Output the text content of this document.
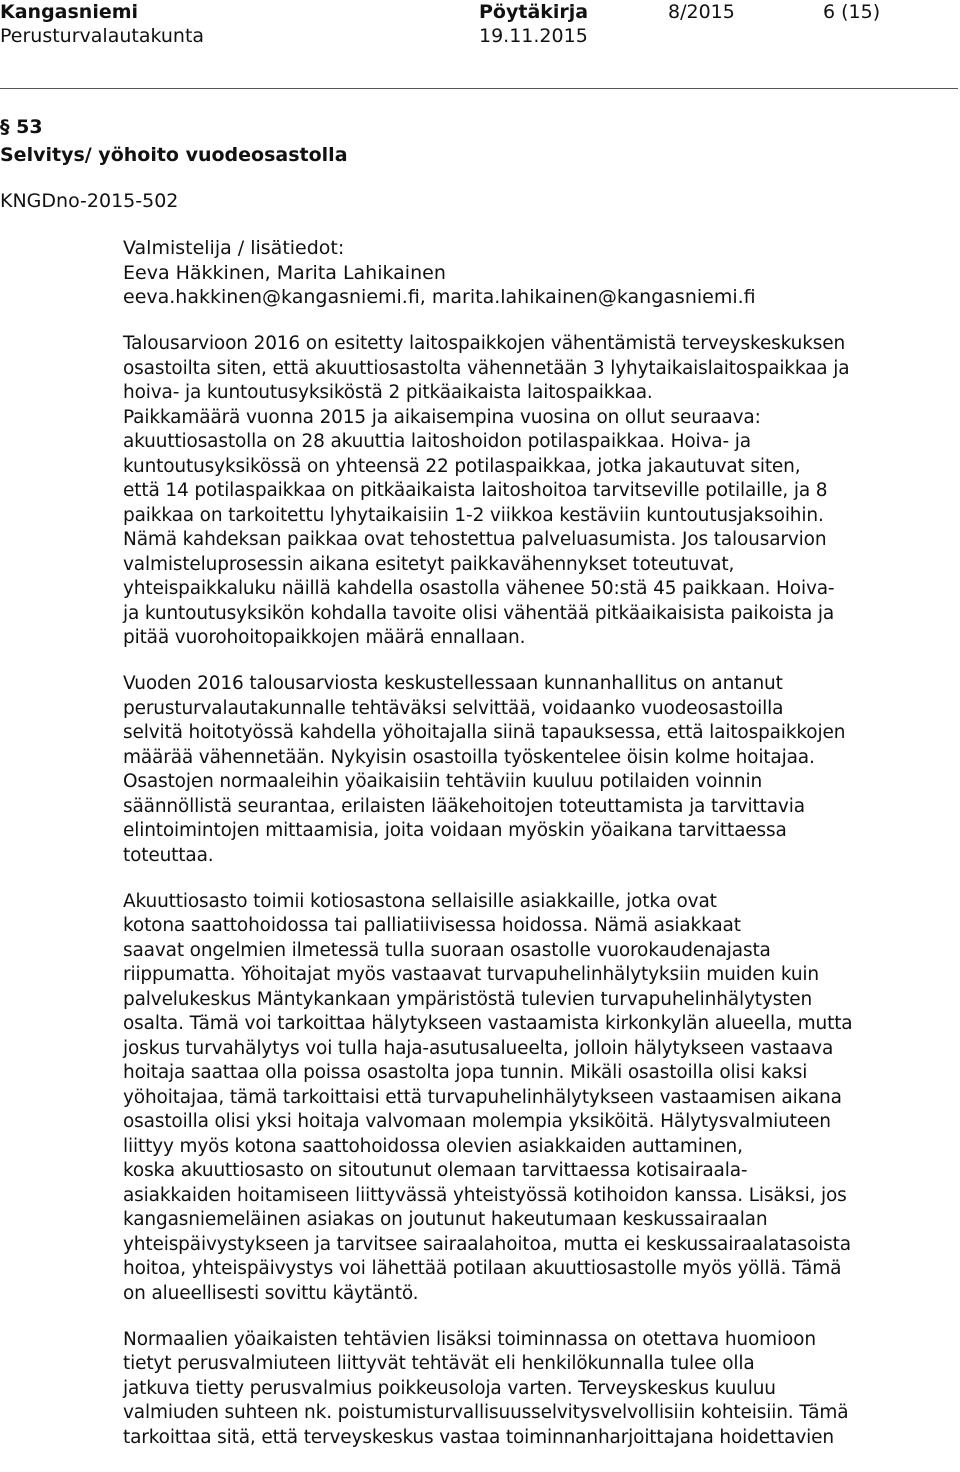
Kangasniemi
Perusturvalautakunta
Pöytäkirja
19.11.2015
8/2015	6 (15)
§ 53
Selvitys/ yöhoito vuodeosastolla
KNGDno-2015-502
Valmistelija / lisätiedot:
Eeva Häkkinen, Marita Lahikainen
eeva.hakkinen@kangasniemi.fi, marita.lahikainen@kangasniemi.fi

Talousarvioon 2016 on esitetty laitospaikkojen vähentämistä terveyskeskuksen
osastoilta siten, että akuuttiosastolta vähennetään 3 lyhytaikaislaitospaikkaa ja
hoiva- ja kuntoutusyksiköstä 2 pitkäaikaista laitospaikkaa.
Paikkamäärä vuonna 2015 ja aikaisempina vuosina on ollut seuraava:
akuuttiosastolla on 28 akuuttia laitoshoidon potilaspaikkaa. Hoiva- ja
kuntoutusyksikössä on yhteensä 22 potilaspaikkaa, jotka jakautuvat siten,
että 14 potilaspaikkaa on pitkäaikaista laitoshoitoa tarvitseville potilaille, ja 8
paikkaa on tarkoitettu lyhytaikaisiin 1-2 viikkoa kestäviin kuntoutusjaksoihin.
Nämä kahdeksan paikkaa ovat tehostettua palveluasumista. Jos talousarvion
valmisteluprosessin aikana esitetyt paikkavähennykset toteutuvat,
yhteispaikkaluku näillä kahdella osastolla vähenee 50:stä 45 paikkaan. Hoiva-
ja kuntoutusyksikön kohdalla tavoite olisi vähentää pitkäaikaisista paikoista ja
pitää vuorohoitopaikkojen määrä ennallaan.

Vuoden 2016 talousarviosta keskustellessaan kunnanhallitus on antanut
perusturvalautakunnalle tehtäväksi selvittää, voidaanko vuodeosastoilla
selvitä hoitotyössä kahdella yöhoitajalla siinä tapauksessa, että laitospaikkojen
määrää vähennetään. Nykyisin osastoilla työskentelee öisin kolme hoitajaa.
Osastojen normaaleihin yöaikaisiin tehtäviin kuuluu potilaiden voinnin
säännöllistä seurantaa, erilaisten lääkehoitojen toteuttamista ja tarvittavia
elintoimintojen mittaamisia, joita voidaan myöskin yöaikana tarvittaessa
toteuttaa.

Akuuttiosasto toimii kotiosastona sellaisille asiakkaille, jotka ovat
kotona saattohoidossa tai palliatiivisessa hoidossa. Nämä asiakkaat
saavat ongelmien ilmetessä tulla suoraan osastolle vuorokaudenajasta
riippumatta. Yöhoitajat myös vastaavat turvapuhelinhälytyksiin muiden kuin
palvelukeskus Mäntykankaan ympäristöstä tulevien turvapuhelinhälytysten
osalta. Tämä voi tarkoittaa hälytykseen vastaamista kirkonkylän alueella, mutta
joskus turvahälytys voi tulla haja-asutusalueelta, jolloin hälytykseen vastaava
hoitaja saattaa olla poissa osastolta jopa tunnin. Mikäli osastoilla olisi kaksi
yöhoitajaa, tämä tarkoittaisi että turvapuhelinhälytykseen vastaamisen aikana
osastoilla olisi yksi hoitaja valvomaan molempia yksiköitä. Hälytysvalmiuteen
liittyy myös kotona saattohoidossa olevien asiakkaiden auttaminen,
koska akuuttiosasto on sitoutunut olemaan tarvittaessa kotisairaala-
asiakkaiden hoitamiseen liittyvässä yhteistyössä kotihoidon kanssa. Lisäksi, jos
kangasniemeläinen asiakas on joutunut hakeutumaan keskussairaalan
yhteispäivystykseen ja tarvitsee sairaalahoitoa, mutta ei keskussairaalatasoista
hoitoa, yhteispäivystys voi lähettää potilaan akuuttiosastolle myös yöllä. Tämä
on alueellisesti sovittu käytäntö.

Normaalien yöaikaisten tehtävien lisäksi toiminnassa on otettava huomioon
tietyt perusvalmiuteen liittyvät tehtävät eli henkilökunnalla tulee olla
jatkuva tietty perusvalmius poikkeusoloja varten. Terveyskeskus kuuluu
valmiuden suhteen nk. poistumisturvallisuusselvitysvelvollisiin kohteisiin. Tämä
tarkoittaa sitä, että terveyskeskus vastaa toiminnanharjoittajana hoidettavien
